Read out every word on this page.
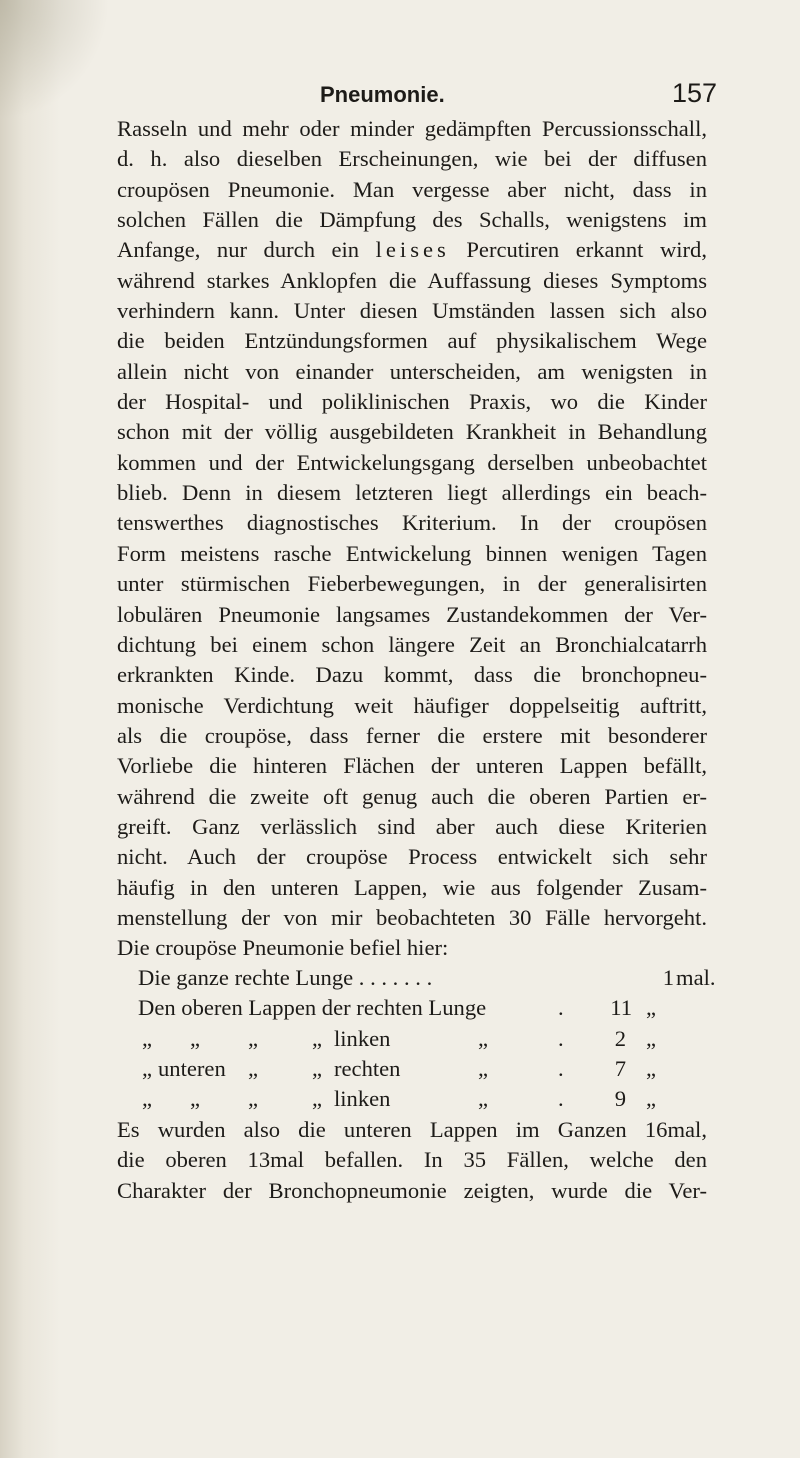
Pneumonie.	157
Rasseln und mehr oder minder gedämpften Percussionsschall,
d. h. also dieselben Erscheinungen, wie bei der diffusen
croupösen Pneumonie. Man vergesse aber nicht, dass in
solchen Fällen die Dämpfung des Schalls, wenigstens im
Anfange, nur durch ein leises Percutiren erkannt wird,
während starkes Anklopfen die Auffassung dieses Symptoms
verhindern kann. Unter diesen Umständen lassen sich also
die beiden Entzündungsformen auf physikalischem Wege
allein nicht von einander unterscheiden, am wenigsten in
der Hospital- und poliklinischen Praxis, wo die Kinder
schon mit der völlig ausgebildeten Krankheit in Behandlung
kommen und der Entwickelungsgang derselben unbeobachtet
blieb. Denn in diesem letzteren liegt allerdings ein beach-
tenswerthes diagnostisches Kriterium. In der croupösen
Form meistens rasche Entwickelung binnen wenigen Tagen
unter stürmischen Fieberbewegungen, in der generalisirten
lobulären Pneumonie langsames Zustandekommen der Ver-
dichtung bei einem schon längere Zeit an Bronchialcatarrh
erkrankten Kinde. Dazu kommt, dass die bronchopneu-
monische Verdichtung weit häufiger doppelseitig auftritt,
als die croupöse, dass ferner die erstere mit besonderer
Vorliebe die hinteren Flächen der unteren Lappen befällt,
während die zweite oft genug auch die oberen Partien er-
greift. Ganz verlässlich sind aber auch diese Kriterien
nicht. Auch der croupöse Process entwickelt sich sehr
häufig in den unteren Lappen, wie aus folgender Zusam-
menstellung der von mir beobachteten 30 Fälle hervorgeht.
Die croupöse Pneumonie befiel hier:
Die ganze rechte Lunge . . . . . . .	1 mal.
Den oberen Lappen der rechten Lunge	.	11 „
„ „ „ „ linken	„	.	2 „
„ unteren „ „ rechten	„	.	7 „
„ „ „ „ linken	„	.	9 „
Es wurden also die unteren Lappen im Ganzen 16mal,
die oberen 13mal befallen. In 35 Fällen, welche den
Charakter der Bronchopneumonie zeigten, wurde die Ver-
